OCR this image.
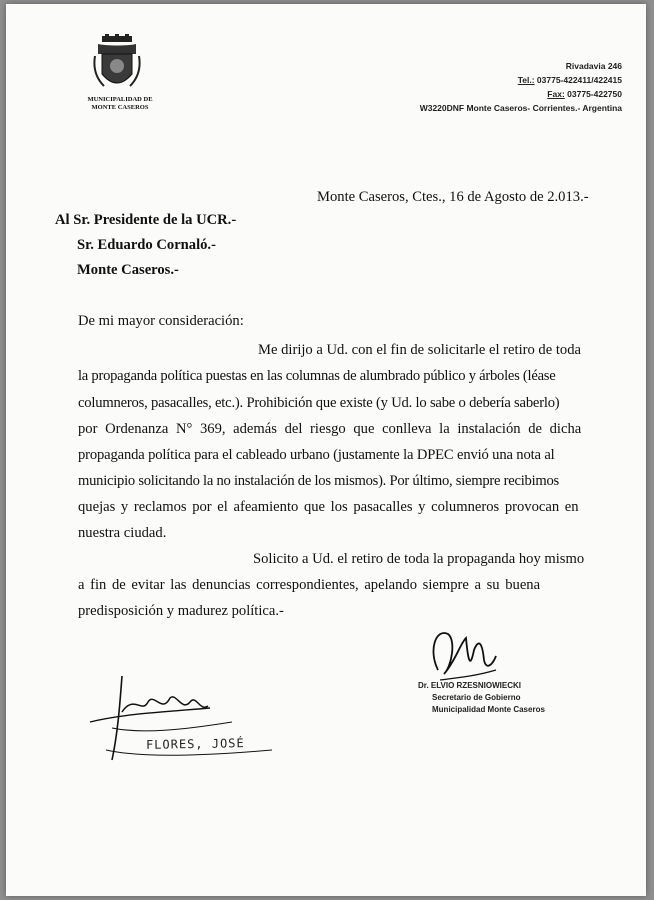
MUNICIPALIDAD DE
MONTE CASEROS
Rivadavia 246
Tel.: 03775-422411/422415
Fax: 03775-422750
W3220DNF Monte Caseros- Corrientes.- Argentina
Monte Caseros, Ctes., 16 de Agosto de 2.013.-
Al Sr. Presidente de la UCR.-
Sr. Eduardo Cornaló.-
Monte Caseros.-
De mi mayor consideración:
Me dirijo a Ud. con el fin de solicitarle el retiro de toda
la propaganda política puestas en las columnas de alumbrado público y árboles (léase
columneros, pasacalles, etc.). Prohibición que existe (y Ud. lo sabe o debería saberlo)
por Ordenanza N° 369, además del riesgo que conlleva la instalación de dicha
propaganda política para el cableado urbano (justamente la DPEC envió una nota al
municipio solicitando la no instalación de los mismos). Por último, siempre recibimos
quejas y reclamos por el afeamiento que los pasacalles y columneros provocan en
nuestra ciudad.
Solicito a Ud. el retiro de toda la propaganda hoy mismo
a fin de evitar las denuncias correspondientes, apelando siempre a su buena
predisposición y madurez política.-
Dr. ELVIO RZESNIOWIECKI
Secretario de Gobierno
Municipalidad Monte Caseros
FLORES, JOSÉ
